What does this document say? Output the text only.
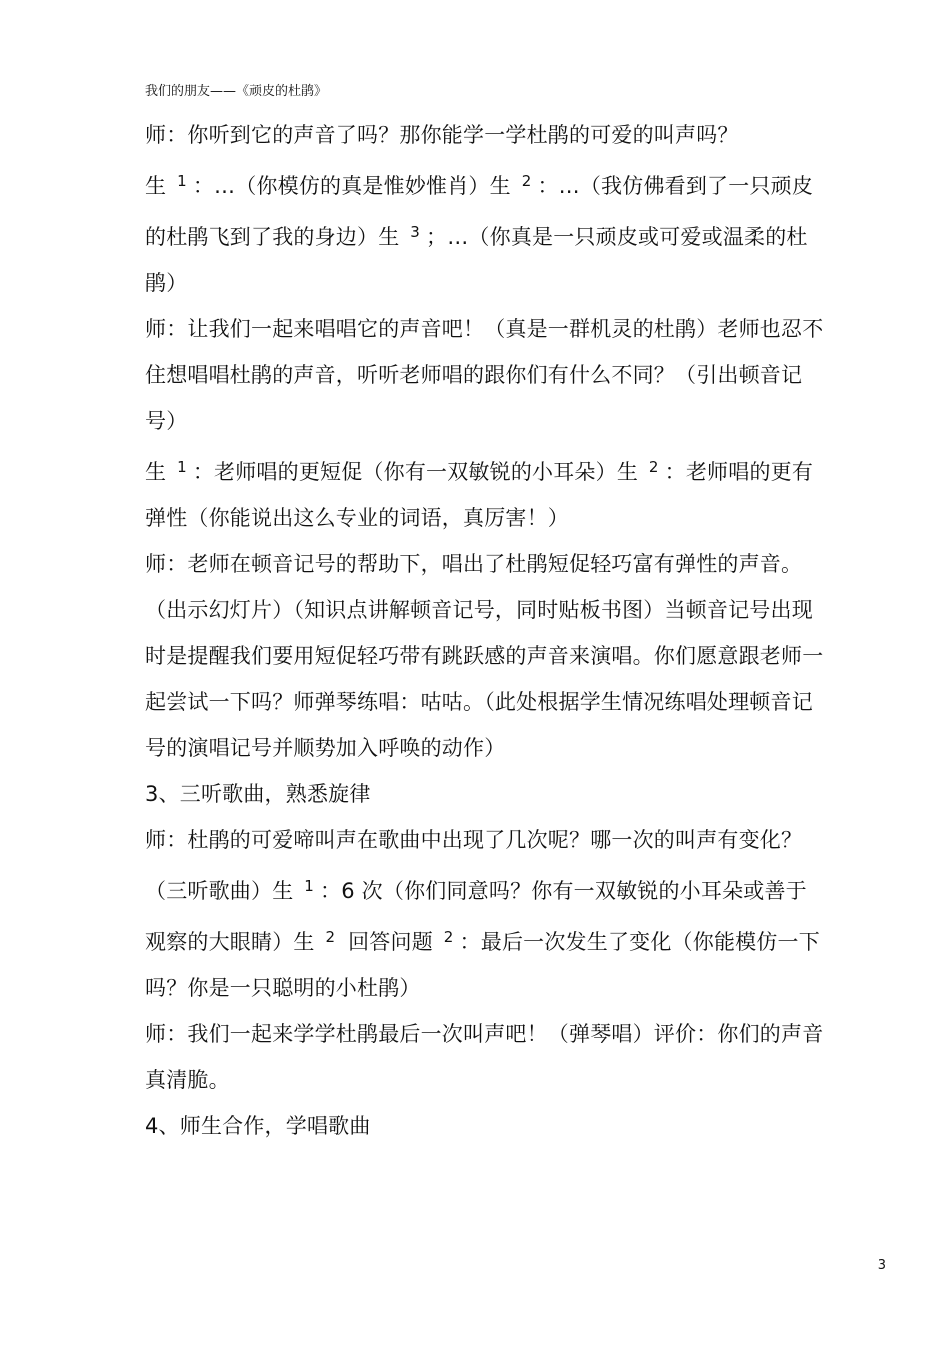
我们的朋友——《顽皮的杜鹃》

师：你听到它的声音了吗？那你能学一学杜鹃的可爱的叫声吗？

生 $^1$ ：…（你模仿的真是惟妙惟肖）生 $^2$ ：…（我仿佛看到了一只顽皮的杜鹃飞到了我的身边）生 $^3$ ；…（你真是一只顽皮或可爱或温柔的杜鹃）

师：让我们一起来唱唱它的声音吧！（真是一群机灵的杜鹃）老师也忍不住想唱唱杜鹃的声音，听听老师唱的跟你们有什么不同？（引出顿音记号）

生 $^1$ ：老师唱的更短促（你有一双敏锐的小耳朵）生 $^2$ ：老师唱的更有弹性（你能说出这么专业的词语，真厉害！）

师：老师在顿音记号的帮助下，唱出了杜鹃短促轻巧富有弹性的声音。（出示幻灯片）（知识点讲解顿音记号，同时贴板书图）当顿音记号出现时是提醒我们要用短促轻巧带有跳跃感的声音来演唱。你们愿意跟老师一起尝试一下吗？师弹琴练唱：咕咕。（此处根据学生情况练唱处理顿音记号的演唱记号并顺势加入呼唤的动作）

3、三听歌曲，熟悉旋律

师：杜鹃的可爱啼叫声在歌曲中出现了几次呢？哪一次的叫声有变化？（三听歌曲）生 $^1$ ：6 次（你们同意吗？你有一双敏锐的小耳朵或善于观察的大眼睛）生 $^2$ 回答问题 $^2$ ：最后一次发生了变化（你能模仿一下吗？你是一只聪明的小杜鹃）

师：我们一起来学学杜鹃最后一次叫声吧！（弹琴唱）评价：你们的声音真清脆。

4、师生合作，学唱歌曲

3
